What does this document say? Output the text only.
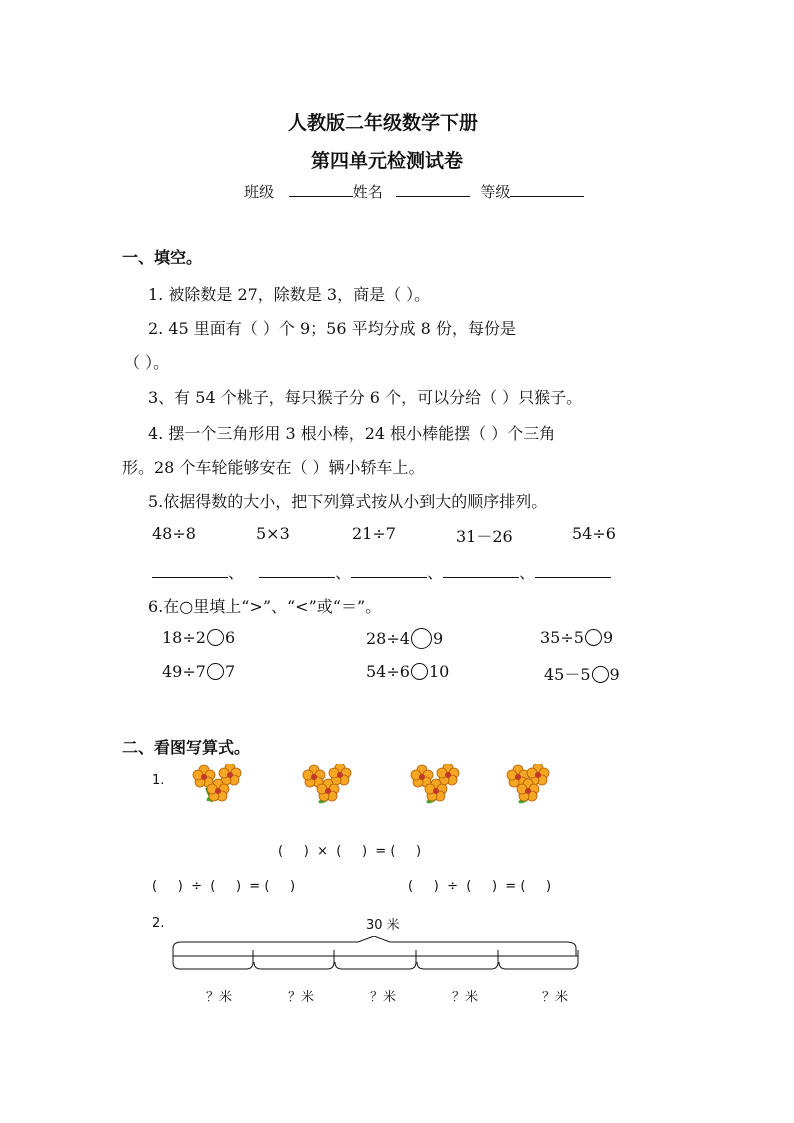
人教版二年级数学下册
第四单元检测试卷
班级	姓名	等级
一、填空。
1. 被除数是 27，除数是 3，商是（ ）。
2. 45 里面有（ ）个 9；56 平均分成 8 份，每份是
（ ）。
3、有 54 个桃子，每只猴子分 6 个，可以分给（ ）只猴子。
4. 摆一个三角形用 3 根小棒，24 根小棒能摆（ ）个三角
形。28 个车轮能够安在（ ）辆小轿车上。
5.依据得数的大小，把下列算式按从小到大的顺序排列。
48÷8	5×3	21÷7	31－26	54÷6
、	、	、	、
6.在○里填上“>”、“<”或“＝”。
18÷2 6	28÷4 9	35÷5 9
49÷7 7	54÷6 10	45－5 9
二、看图写算式。
1.
(     )  ×  (     )  = (     )
(     )  ÷  (     )  = (     )	(     )  ÷  (     )  = (     )
2.	30 米
？米	？米	？米	？米	？米
